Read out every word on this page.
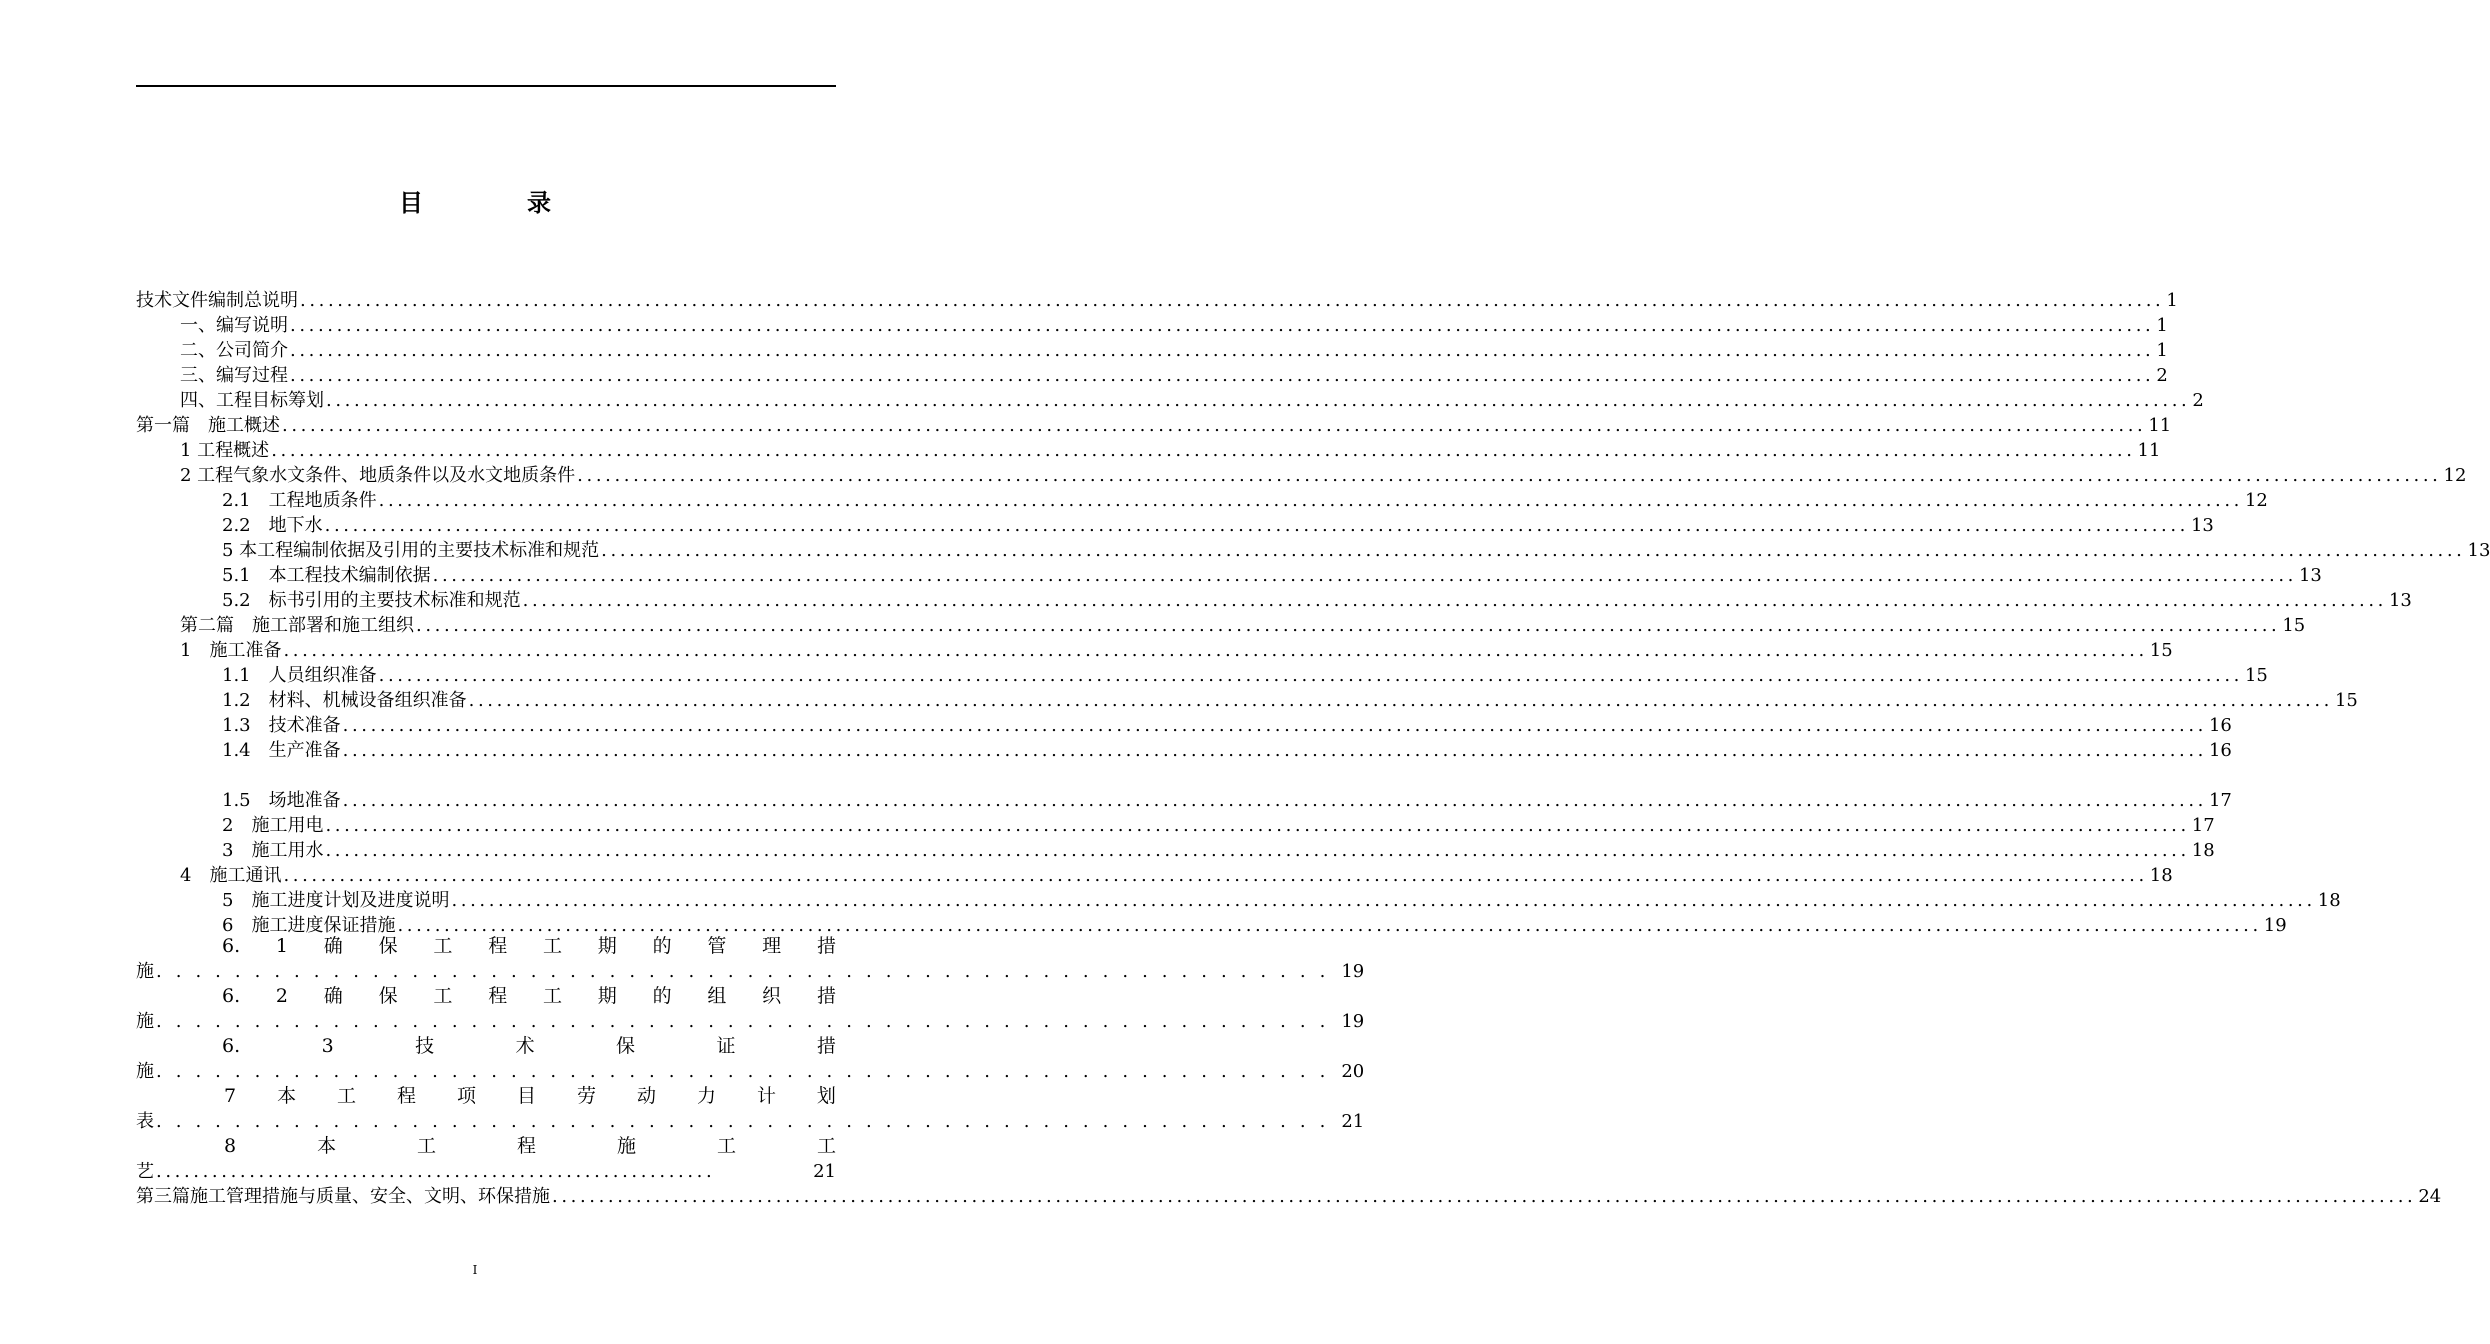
目　录
技术文件编制总说明 ........................................................................................................................................................................................................ 1
一、编写说明 ........................................................................................................................................................................................................ 1
二、公司简介 ........................................................................................................................................................................................................ 1
三、编写过程 ........................................................................................................................................................................................................ 2
四、工程目标筹划 ........................................................................................................................................................................................................ 2
第一篇　施工概述 ........................................................................................................................................................................................................ 11
1 工程概述 ........................................................................................................................................................................................................ 11
2 工程气象水文条件、地质条件以及水文地质条件 ........................................................................................................................................................................................................ 12
2.1　工程地质条件 ........................................................................................................................................................................................................ 12
2.2　地下水 ........................................................................................................................................................................................................ 13
5 本工程编制依据及引用的主要技术标准和规范 ........................................................................................................................................................................................................ 13
5.1　本工程技术编制依据 ........................................................................................................................................................................................................ 13
5.2　标书引用的主要技术标准和规范 ........................................................................................................................................................................................................ 13
第二篇　施工部署和施工组织 ........................................................................................................................................................................................................ 15
1　施工准备 ........................................................................................................................................................................................................ 15
1.1　人员组织准备 ........................................................................................................................................................................................................ 15
1.2　材料、机械设备组织准备 ........................................................................................................................................................................................................ 15
1.3　技术准备 ........................................................................................................................................................................................................ 16
1.4　生产准备 ........................................................................................................................................................................................................ 16
1.5　场地准备 ........................................................................................................................................................................................................ 17
2　施工用电 ........................................................................................................................................................................................................ 17
3　施工用水 ........................................................................................................................................................................................................ 18
4　施工通讯 ........................................................................................................................................................................................................ 18
5　施工进度计划及进度说明 ........................................................................................................................................................................................................ 18
6　施工进度保证措施 ........................................................................................................................................................................................................ 19
6. 1 确 保 工 程 工 期 的 管 理 措
施 ............................................................ 19
6. 2 确 保 工 程 工 期 的 组 织 措
施 ............................................................ 19
6.	3	技	术	保	证	措
施 ............................................................ 20
7 本 工 程 项 目 劳 动 力 计 划
表 ............................................................ 21
8	本	工	程	施	工	工
艺 ............................................................	21
第三篇施工管理措施与质量、安全、文明、环保措施 ........................................................................................................................................................................................................ 24
I
